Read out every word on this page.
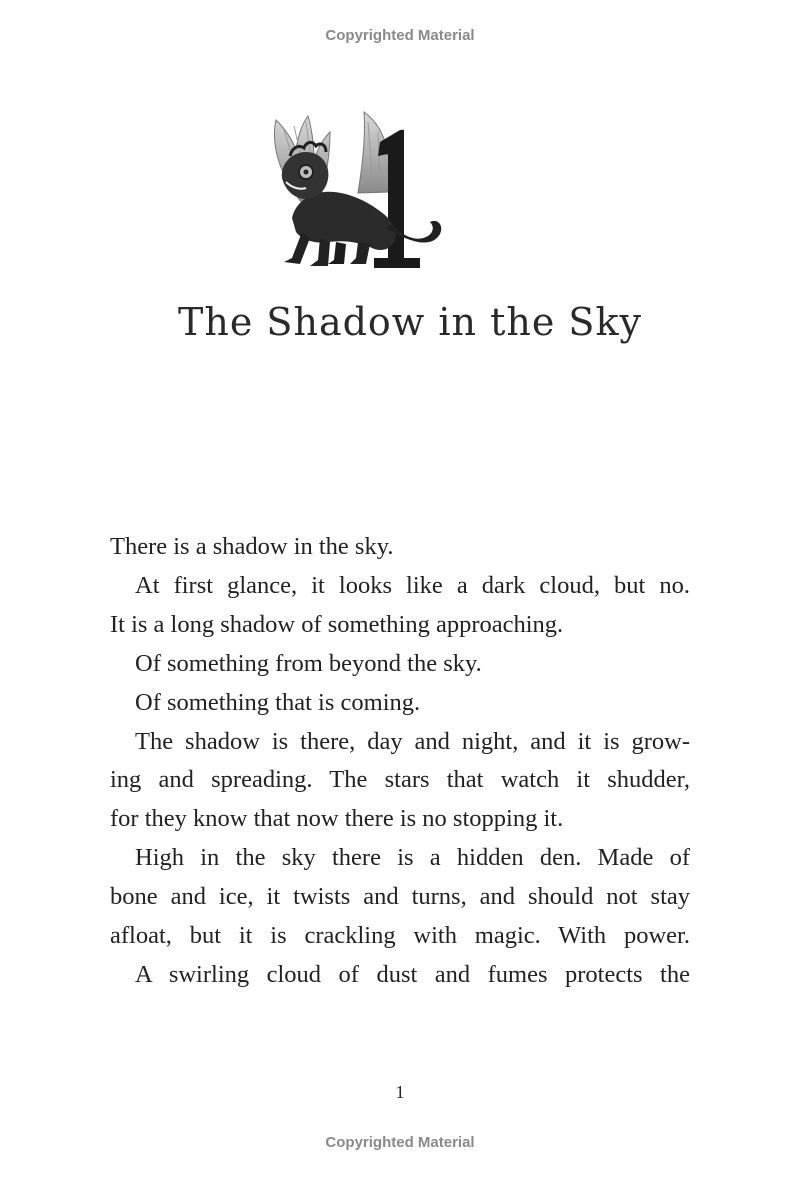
Copyrighted Material
The Shadow in the Sky
There is a shadow in the sky.
At first glance, it looks like a dark cloud, but no.
It is a long shadow of something approaching.
Of something from beyond the sky.
Of something that is coming.
The shadow is there, day and night, and it is grow-
ing and spreading. The stars that watch it shudder,
for they know that now there is no stopping it.
High in the sky there is a hidden den. Made of
bone and ice, it twists and turns, and should not stay
afloat, but it is crackling with magic. With power.
A swirling cloud of dust and fumes protects the
1
Copyrighted Material
